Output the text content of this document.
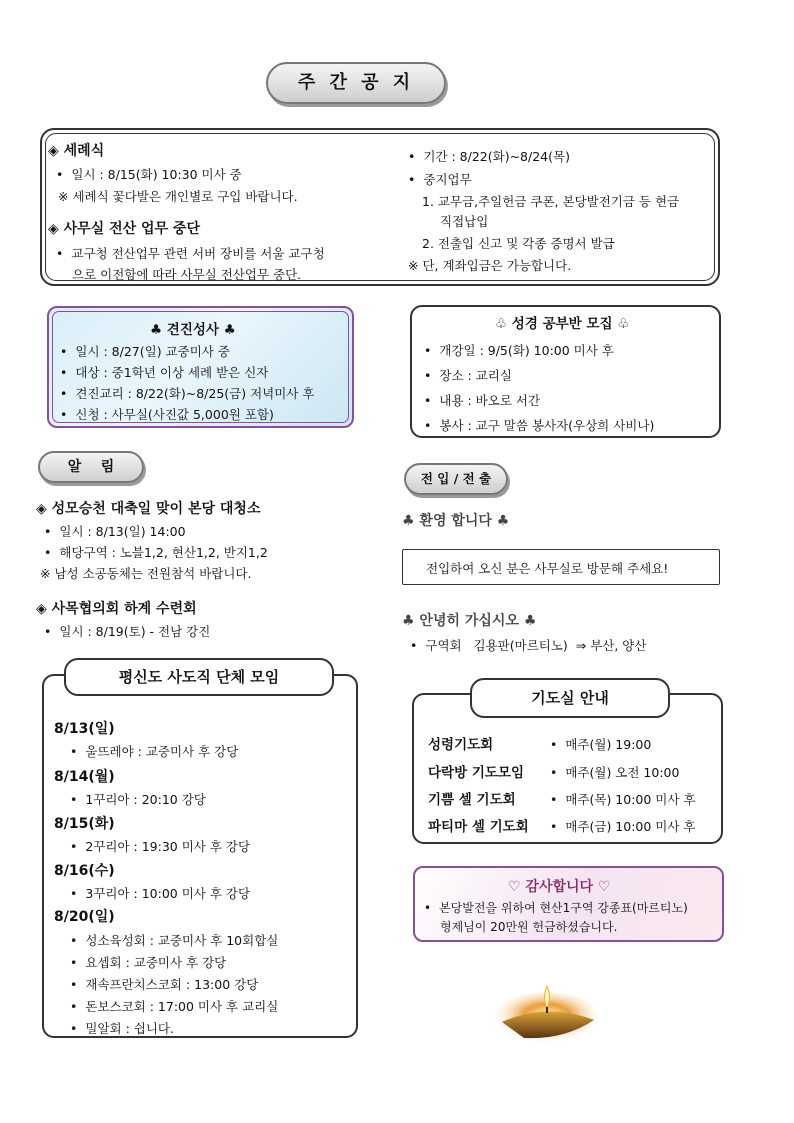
주 간 공 지
◈ 세례식
• 일시 : 8/15(화) 10:30 미사 중
※ 세례식 꽃다발은 개인별로 구입 바랍니다.
◈ 사무실 전산 업무 중단
• 교구청 전산업무 관련 서버 장비를 서울 교구청
으로 이전함에 따라 사무실 전산업무 중단.
• 기간 : 8/22(화)~8/24(목)
• 중지업무
1. 교무금,주일헌금 쿠폰, 본당발전기금 등 현금
직접납입
2. 전출입 신고 및 각종 증명서 발급
※ 단, 계좌입금은 가능합니다.
♣ 견진성사 ♣
• 일시 : 8/27(일) 교중미사 중
• 대상 : 중1학년 이상 세례 받은 신자
• 견진교리 : 8/22(화)~8/25(금) 저녁미사 후
• 신청 : 사무실(사진값 5,000원 포함)
♧ 성경 공부반 모집 ♧
• 개강일 : 9/5(화) 10:00 미사 후
• 장소 : 교리실
• 내용 : 바오로 서간
• 봉사 : 교구 말씀 봉사자(우상희 사비나)
알    림
◈ 성모승천 대축일 맞이 본당 대청소
• 일시 : 8/13(일) 14:00
• 해당구역 : 노블1,2, 현산1,2, 반지1,2
※ 남성 소공동체는 전원참석 바랍니다.
◈ 사목협의회 하계 수련회
• 일시 : 8/19(토) - 전남 강진
전 입 / 전 출
♣ 환영 합니다 ♣
전입하여 오신 분은 사무실로 방문해 주세요!
♣ 안녕히 가십시오 ♣
• 구역회   김용판(마르티노)  ⇒ 부산, 양산
평신도 사도직 단체 모임
8/13(일)
• 울뜨레야 : 교중미사 후 강당
8/14(월)
• 1꾸리아 : 20:10 강당
8/15(화)
• 2꾸리아 : 19:30 미사 후 강당
8/16(수)
• 3꾸리아 : 10:00 미사 후 강당
8/20(일)
• 성소육성회 : 교중미사 후 10회합실
• 요셉회 : 교중미사 후 강당
• 재속프란치스코회 : 13:00 강당
• 돈보스코회 : 17:00 미사 후 교리실
• 밀알회 : 쉽니다.
기도실 안내
성령기도회	• 매주(월) 19:00
다락방 기도모임	• 매주(월) 오전 10:00
기쁨 셀 기도회	• 매주(목) 10:00 미사 후
파티마 셀 기도회	• 매주(금) 10:00 미사 후
♡ 감사합니다 ♡
• 본당발전을 위하여 현산1구역 강종표(마르티노)
형제님이 20만원 헌금하셨습니다.
